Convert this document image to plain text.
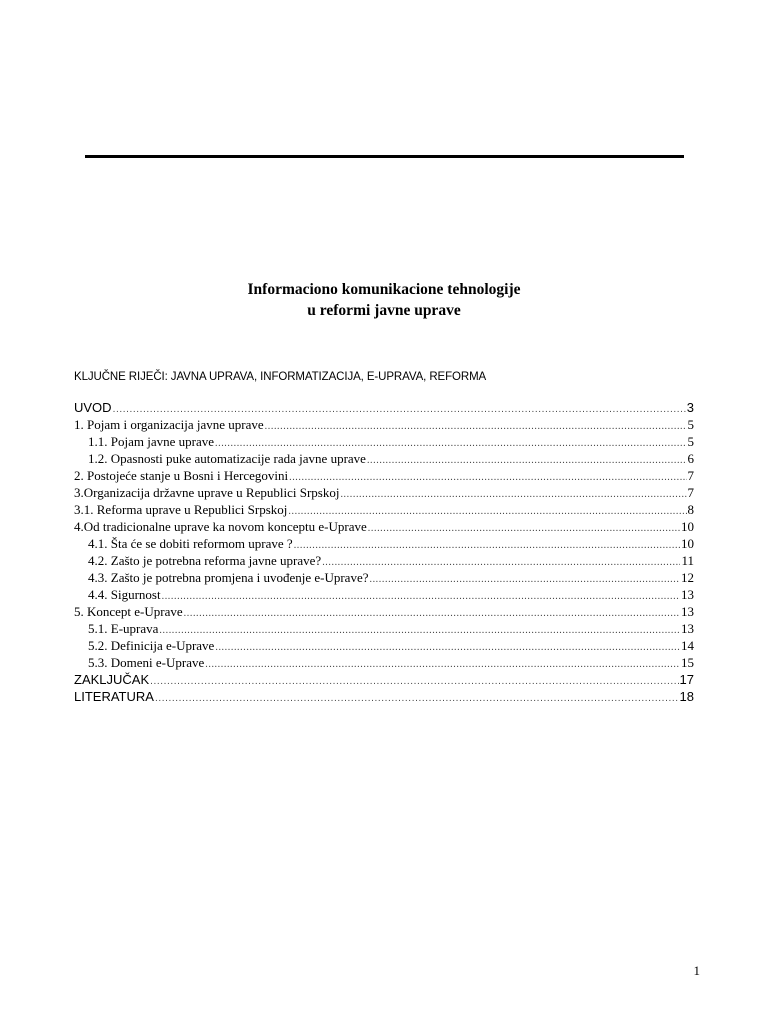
Informaciono komunikacione tehnologije
u reformi javne uprave
KLJUČNE RIJEČI: JAVNA UPRAVA, INFORMATIZACIJA, E-UPRAVA, REFORMA
UVOD .....	3
1. Pojam i organizacija javne uprave .....	5
1.1. Pojam javne uprave .....	5
1.2. Opasnosti puke automatizacije rada javne uprave .....	6
2. Postojeće stanje u Bosni i Hercegovini .....	7
3.Organizacija državne uprave u Republici Srpskoj .....	7
3.1. Reforma uprave u Republici Srpskoj .....	8
4.Od tradicionalne uprave ka novom konceptu e-Uprave .....	10
4.1. Šta će se dobiti reformom uprave ? .....	10
4.2. Zašto je potrebna reforma javne uprave? .....	11
4.3. Zašto je potrebna promjena i uvođenje e-Uprave? .....	12
4.4. Sigurnost .....	13
5. Koncept e-Uprave .....	13
5.1. E-uprava .....	13
5.2. Definicija e-Uprave .....	14
5.3. Domeni e-Uprave .....	15
ZAKLJUČAK .....	17
LITERATURA .....	18
1
